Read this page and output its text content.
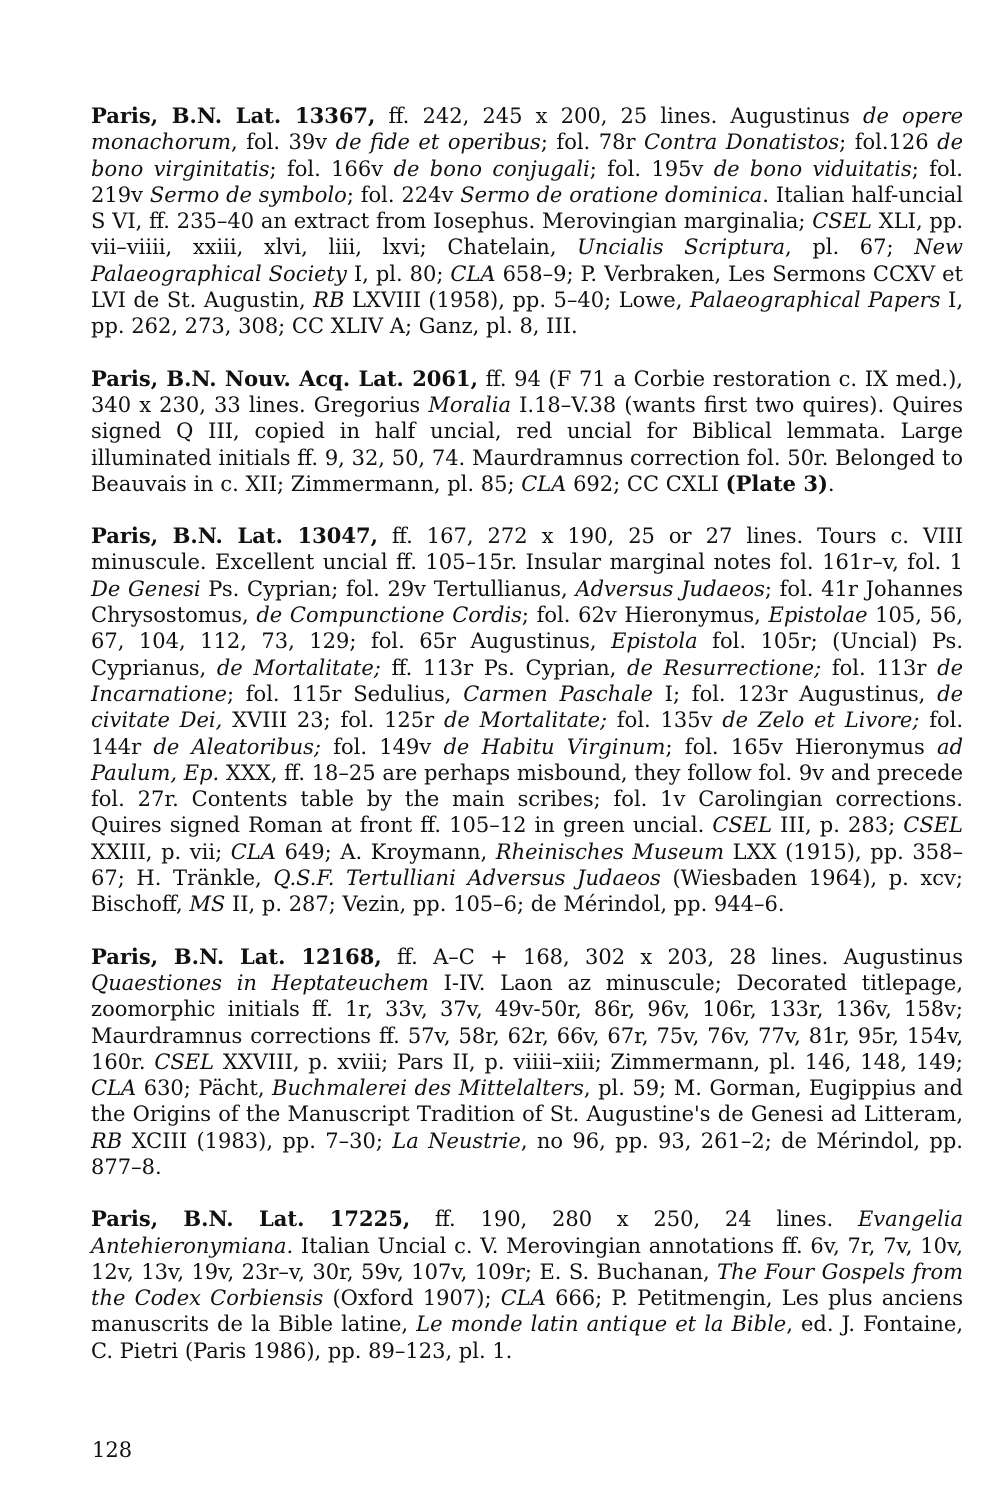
Paris, B.N. Lat. 13367, ff. 242, 245 x 200, 25 lines. Augustinus de opere monachorum, fol. 39v de fide et operibus; fol. 78r Contra Donatistos; fol.126 de bono virginitatis; fol. 166v de bono conjugali; fol. 195v de bono viduitatis; fol. 219v Sermo de symbolo; fol. 224v Sermo de oratione dominica. Italian half-uncial S VI, ff. 235–40 an extract from Iosephus. Merovingian marginalia; CSEL XLI, pp. vii–viiii, xxiii, xlvi, liii, lxvi; Chatelain, Uncialis Scriptura, pl. 67; New Palaeographical Society I, pl. 80; CLA 658–9; P. Verbraken, Les Sermons CCXV et LVI de St. Augustin, RB LXVIII (1958), pp. 5–40; Lowe, Palaeographical Papers I, pp. 262, 273, 308; CC XLIV A; Ganz, pl. 8, III.

Paris, B.N. Nouv. Acq. Lat. 2061, ff. 94 (F 71 a Corbie restoration c. IX med.), 340 x 230, 33 lines. Gregorius Moralia I.18–V.38 (wants first two quires). Quires signed Q III, copied in half uncial, red uncial for Biblical lemmata. Large illuminated initials ff. 9, 32, 50, 74. Maurdramnus correction fol. 50r. Belonged to Beauvais in c. XII; Zimmermann, pl. 85; CLA 692; CC CXLI (Plate 3).

Paris, B.N. Lat. 13047, ff. 167, 272 x 190, 25 or 27 lines. Tours c. VIII minuscule. Excellent uncial ff. 105–15r. Insular marginal notes fol. 161r–v, fol. 1 De Genesi Ps. Cyprian; fol. 29v Tertullianus, Adversus Judaeos; fol. 41r Johannes Chrysostomus, de Compunctione Cordis; fol. 62v Hieronymus, Epistolae 105, 56, 67, 104, 112, 73, 129; fol. 65r Augustinus, Epistola fol. 105r; (Uncial) Ps. Cyprianus, de Mortalitate; ff. 113r Ps. Cyprian, de Resurrectione; fol. 113r de Incarnatione; fol. 115r Sedulius, Carmen Paschale I; fol. 123r Augustinus, de civitate Dei, XVIII 23; fol. 125r de Mortalitate; fol. 135v de Zelo et Livore; fol. 144r de Aleatoribus; fol. 149v de Habitu Virginum; fol. 165v Hieronymus ad Paulum, Ep. XXX, ff. 18–25 are perhaps misbound, they follow fol. 9v and precede fol. 27r. Contents table by the main scribes; fol. 1v Carolingian corrections. Quires signed Roman at front ff. 105–12 in green uncial. CSEL III, p. 283; CSEL XXIII, p. vii; CLA 649; A. Kroymann, Rheinisches Museum LXX (1915), pp. 358–67; H. Tränkle, Q.S.F. Tertulliani Adversus Judaeos (Wiesbaden 1964), p. xcv; Bischoff, MS II, p. 287; Vezin, pp. 105–6; de Mérindol, pp. 944–6.

Paris, B.N. Lat. 12168, ff. A–C + 168, 302 x 203, 28 lines. Augustinus Quaestiones in Heptateuchem I-IV. Laon az minuscule; Decorated titlepage, zoomorphic initials ff. 1r, 33v, 37v, 49v-50r, 86r, 96v, 106r, 133r, 136v, 158v; Maurdramnus corrections ff. 57v, 58r, 62r, 66v, 67r, 75v, 76v, 77v, 81r, 95r, 154v, 160r. CSEL XXVIII, p. xviii; Pars II, p. viiii–xiii; Zimmermann, pl. 146, 148, 149; CLA 630; Pächt, Buchmalerei des Mittelalters, pl. 59; M. Gorman, Eugippius and the Origins of the Manuscript Tradition of St. Augustine's de Genesi ad Litteram, RB XCIII (1983), pp. 7–30; La Neustrie, no 96, pp. 93, 261–2; de Mérindol, pp. 877–8.

Paris, B.N. Lat. 17225, ff. 190, 280 x 250, 24 lines. Evangelia Antehieronymiana. Italian Uncial c. V. Merovingian annotations ff. 6v, 7r, 7v, 10v, 12v, 13v, 19v, 23r–v, 30r, 59v, 107v, 109r; E. S. Buchanan, The Four Gospels from the Codex Corbiensis (Oxford 1907); CLA 666; P. Petitmengin, Les plus anciens manuscrits de la Bible latine, Le monde latin antique et la Bible, ed. J. Fontaine, C. Pietri (Paris 1986), pp. 89–123, pl. 1.

128
